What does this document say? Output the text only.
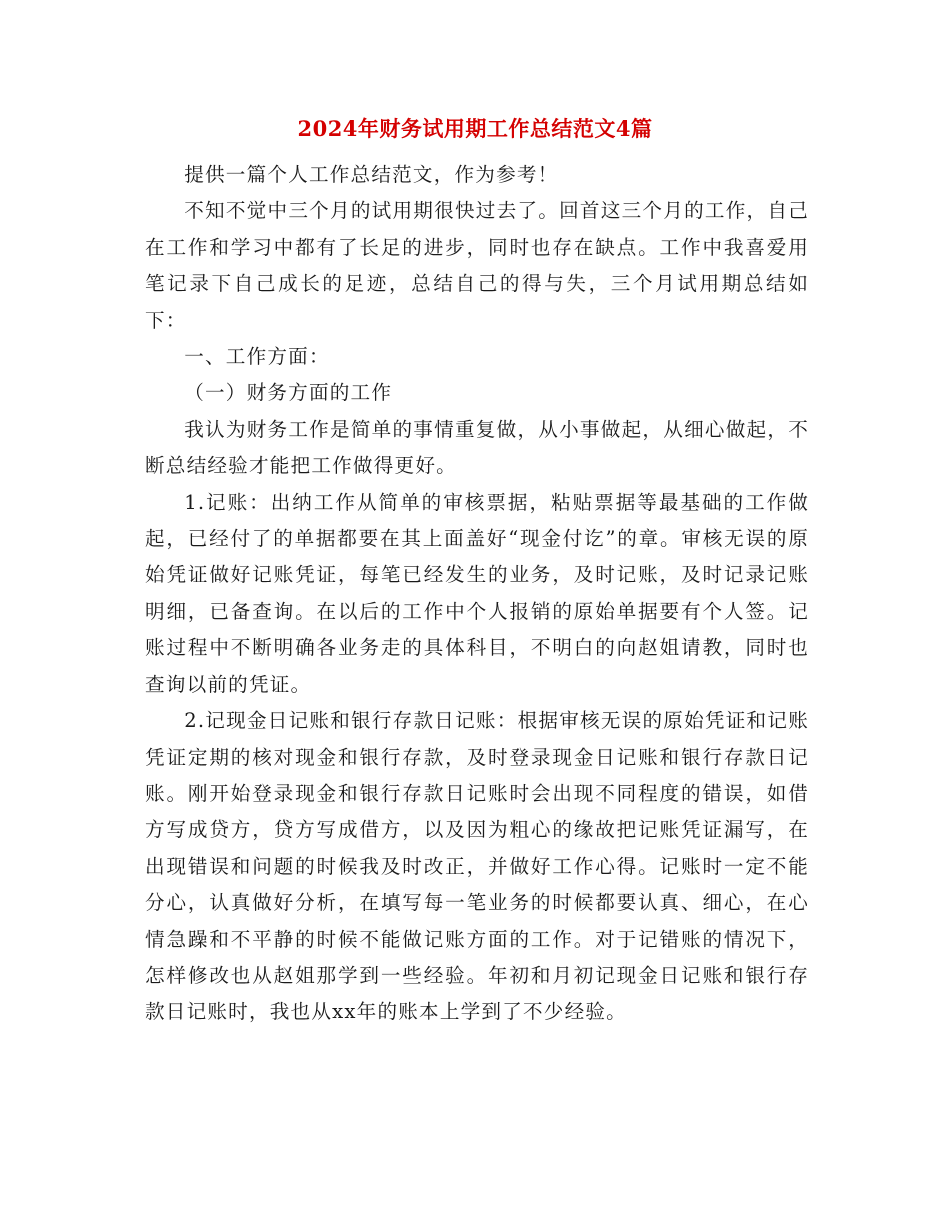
2024年财务试用期工作总结范文4篇

提供一篇个人工作总结范文，作为参考！

不知不觉中三个月的试用期很快过去了。回首这三个月的工作，自己在工作和学习中都有了长足的进步，同时也存在缺点。工作中我喜爱用笔记录下自己成长的足迹，总结自己的得与失，三个月试用期总结如下：

一、工作方面：

（一）财务方面的工作

我认为财务工作是简单的事情重复做，从小事做起，从细心做起，不断总结经验才能把工作做得更好。

1.记账：出纳工作从简单的审核票据，粘贴票据等最基础的工作做起，已经付了的单据都要在其上面盖好“现金付讫”的章。审核无误的原始凭证做好记账凭证，每笔已经发生的业务，及时记账，及时记录记账明细，已备查询。在以后的工作中个人报销的原始单据要有个人签。记账过程中不断明确各业务走的具体科目，不明白的向赵姐请教，同时也查询以前的凭证。

2.记现金日记账和银行存款日记账：根据审核无误的原始凭证和记账凭证定期的核对现金和银行存款，及时登录现金日记账和银行存款日记账。刚开始登录现金和银行存款日记账时会出现不同程度的错误，如借方写成贷方，贷方写成借方，以及因为粗心的缘故把记账凭证漏写，在出现错误和问题的时候我及时改正，并做好工作心得。记账时一定不能分心，认真做好分析，在填写每一笔业务的时候都要认真、细心，在心情急躁和不平静的时候不能做记账方面的工作。对于记错账的情况下，怎样修改也从赵姐那学到一些经验。年初和月初记现金日记账和银行存款日记账时，我也从xx年的账本上学到了不少经验。
